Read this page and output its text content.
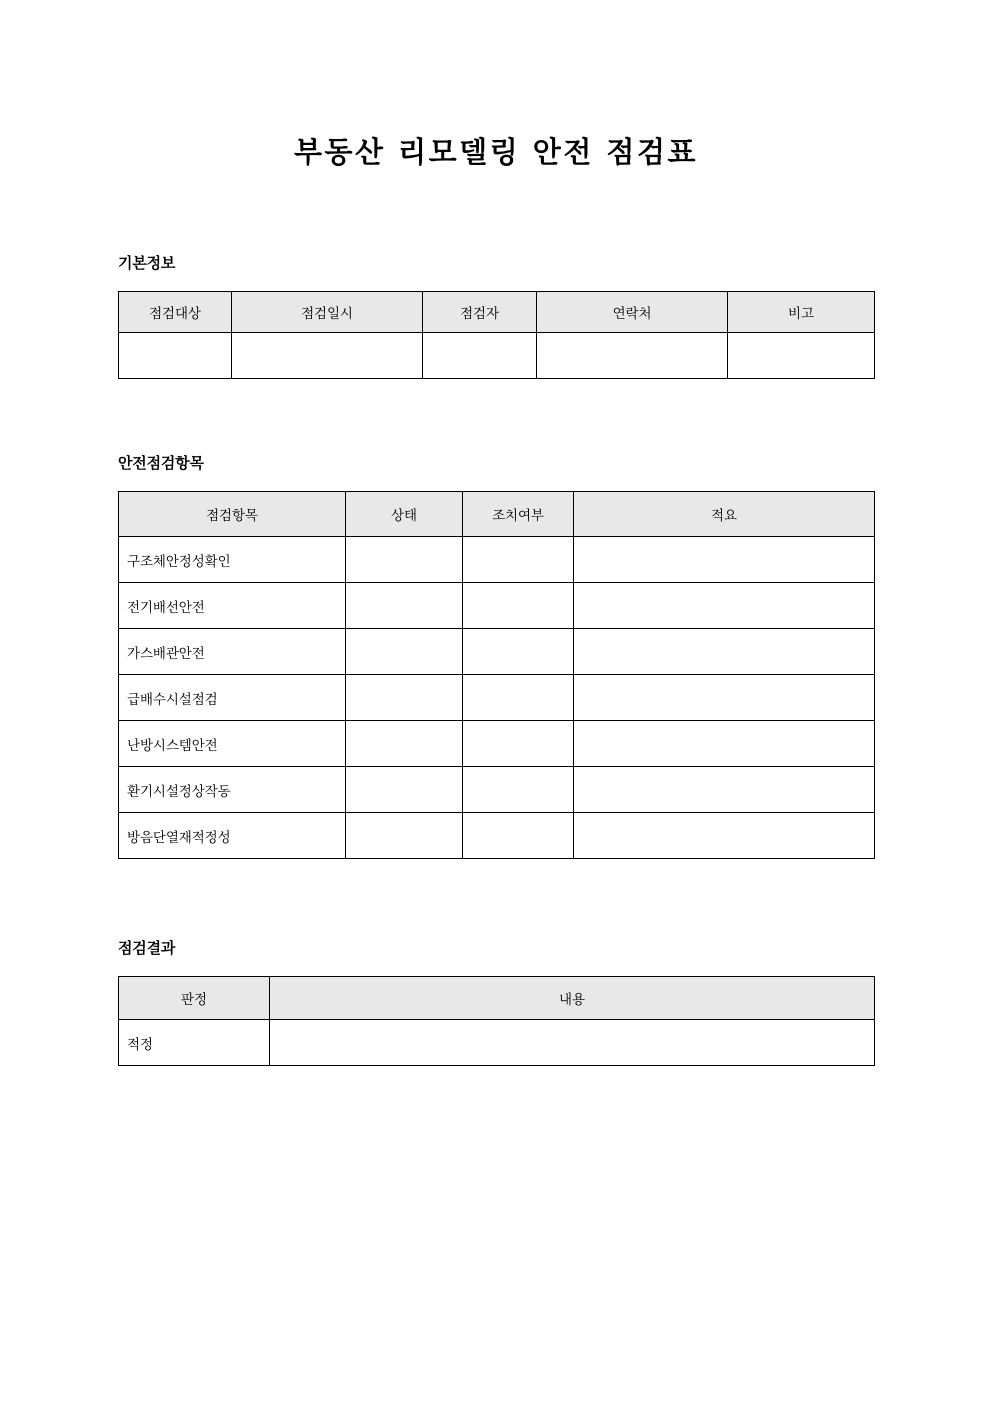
부동산 리모델링 안전 점검표
기본정보
점검대상	점검일시	점검자	연락처	비고

안전점검항목
점검항목	상태	조치여부	적요
구조체안정성확인			
전기배선안전			
가스배관안전			
급배수시설점검			
난방시스템안전			
환기시설정상작동			
방음단열재적정성			
점검결과
판정	내용
적정	
